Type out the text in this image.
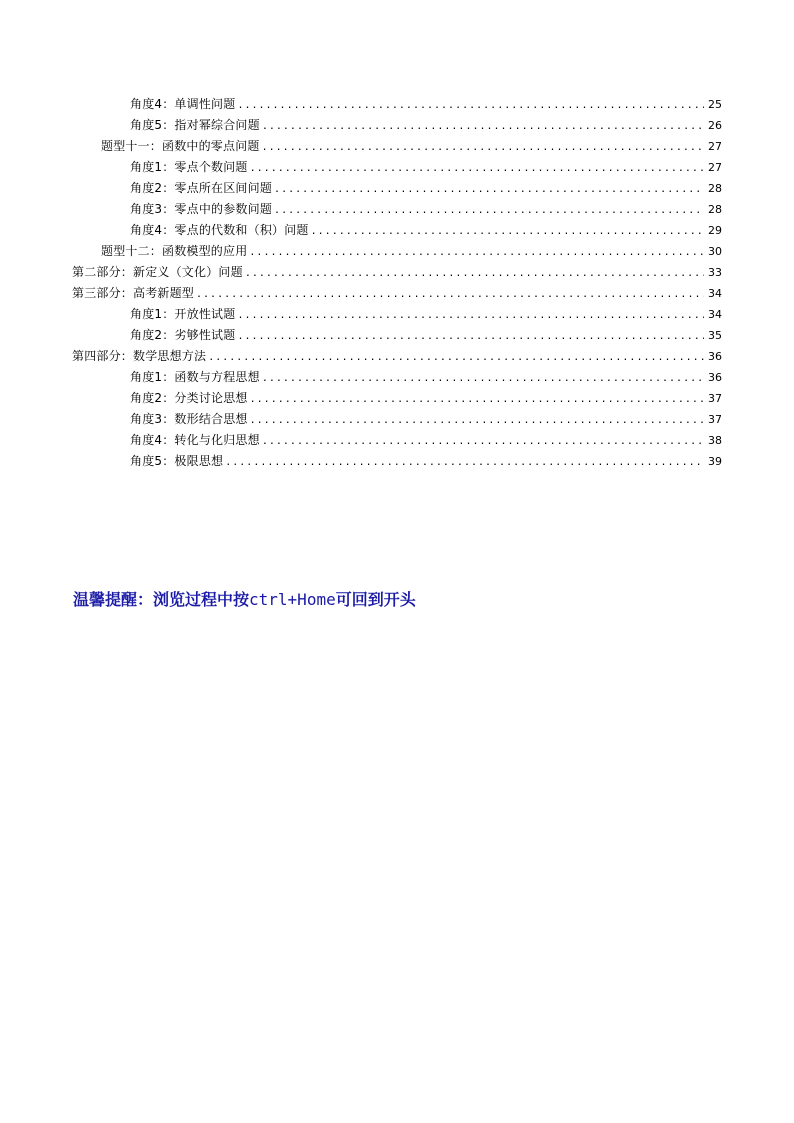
角度4：单调性问题 .....	25
角度5：指对幂综合问题 .....	26
题型十一：函数中的零点问题 .....	27
角度1：零点个数问题 .....	27
角度2：零点所在区间问题 .....	28
角度3：零点中的参数问题 .....	28
角度4：零点的代数和（积）问题 .....	29
题型十二：函数模型的应用 .....	30
第二部分：新定义（文化）问题 .....	33
第三部分：高考新题型 .....	34
角度1：开放性试题 .....	34
角度2：劣够性试题 .....	35
第四部分：数学思想方法 .....	36
角度1：函数与方程思想 .....	36
角度2：分类讨论思想 .....	37
角度3：数形结合思想 .....	37
角度4：转化与化归思想 .....	38
角度5：极限思想 .....	39
温馨提醒：浏览过程中按ctrl+Home可回到开头
